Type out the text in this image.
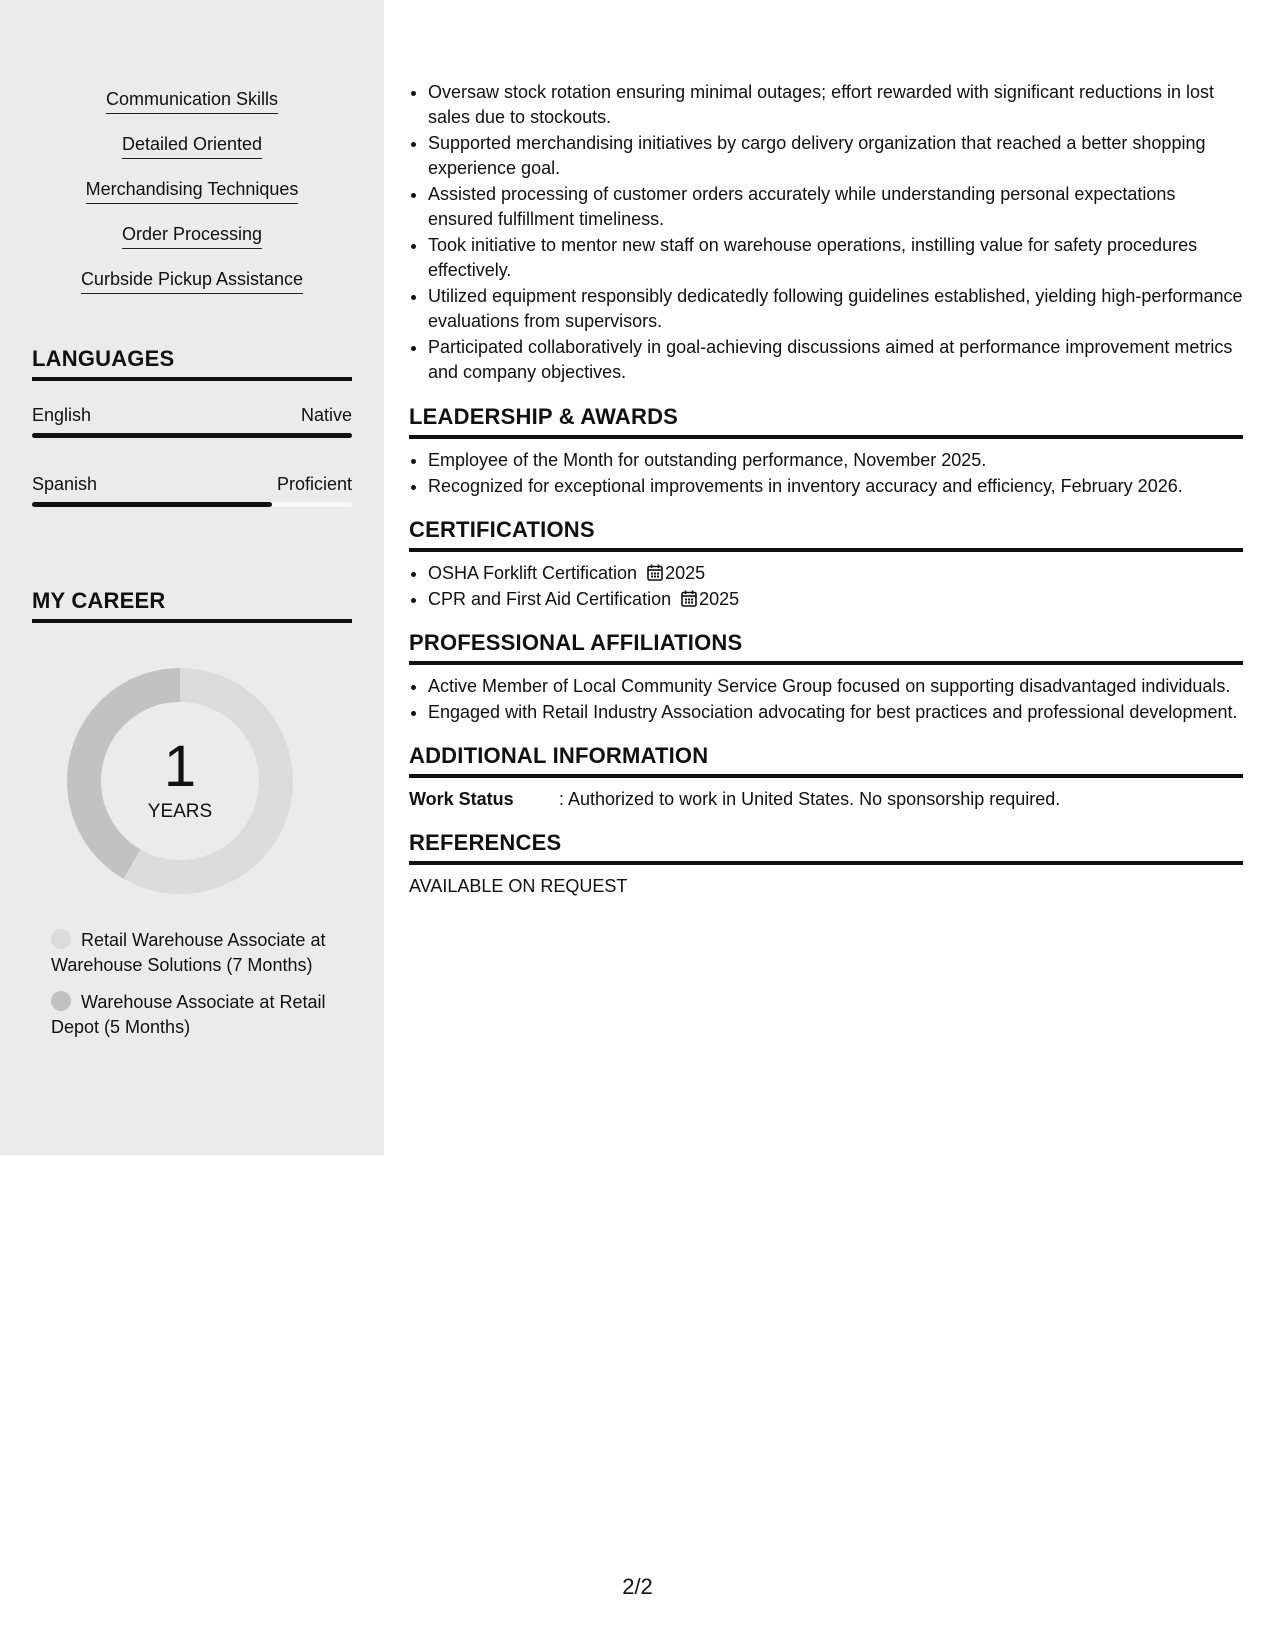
Communication Skills
Detailed Oriented
Merchandising Techniques
Order Processing
Curbside Pickup Assistance
LANGUAGES
English	Native
Spanish	Proficient
MY CAREER
1
YEARS
Retail Warehouse Associate at Warehouse Solutions (7 Months)
Warehouse Associate at Retail Depot (5 Months)
• Oversaw stock rotation ensuring minimal outages; effort rewarded with significant reductions in lost sales due to stockouts.
• Supported merchandising initiatives by cargo delivery organization that reached a better shopping experience goal.
• Assisted processing of customer orders accurately while understanding personal expectations ensured fulfillment timeliness.
• Took initiative to mentor new staff on warehouse operations, instilling value for safety procedures effectively.
• Utilized equipment responsibly dedicatedly following guidelines established, yielding high-performance evaluations from supervisors.
• Participated collaboratively in goal-achieving discussions aimed at performance improvement metrics and company objectives.
LEADERSHIP & AWARDS
• Employee of the Month for outstanding performance, November 2025.
• Recognized for exceptional improvements in inventory accuracy and efficiency, February 2026.
CERTIFICATIONS
• OSHA Forklift Certification 2025
• CPR and First Aid Certification 2025
PROFESSIONAL AFFILIATIONS
• Active Member of Local Community Service Group focused on supporting disadvantaged individuals.
• Engaged with Retail Industry Association advocating for best practices and professional development.
ADDITIONAL INFORMATION
Work Status	: Authorized to work in United States. No sponsorship required.
REFERENCES
AVAILABLE ON REQUEST
2/2
